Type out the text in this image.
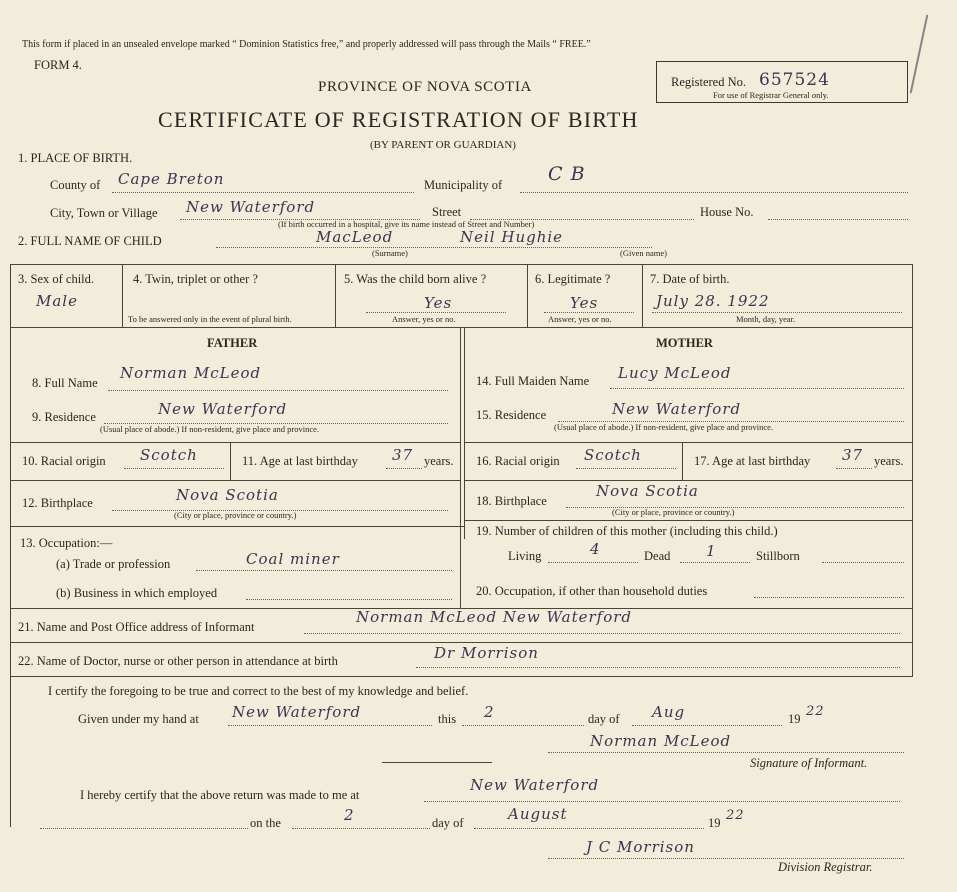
This form if placed in an unsealed envelope marked “ Dominion Statistics free,” and properly addressed will pass through the Mails “ FREE.”
FORM 4.
PROVINCE OF NOVA SCOTIA
CERTIFICATE OF REGISTRATION OF BIRTH
(BY PARENT OR GUARDIAN)
Registered No. 657524
For use of Registrar General only.
1. PLACE OF BIRTH.
County of Cape Breton	Municipality of C B
City, Town or Village New Waterford	Street	House No.
(If birth occurred in a hospital, give its name instead of Street and Number)
2. FULL NAME OF CHILD	MacLeod	Neil Hughie
(Surname)	(Given name)
3. Sex of child.
Male
4. Twin, triplet or other ?
To be answered only in the event of plural birth.
5. Was the child born alive ?
Yes
Answer, yes or no.
6. Legitimate ?
Yes
Answer, yes or no.
7. Date of birth.
July 28. 1922
Month, day, year.
FATHER	MOTHER
8. Full Name
Norman McLeod
9. Residence	New Waterford
(Usual place of abode.) If non-resident, give place and province.
10. Racial origin Scotch	11. Age at last birthday 37 years.
12. Birthplace	Nova Scotia
(City or place, province or country.)
14. Full Maiden Name Lucy McLeod
15. Residence	New Waterford
(Usual place of abode.) If non-resident, give place and province.
16. Racial origin Scotch	17. Age at last birthday 37 years.
18. Birthplace
Nova Scotia
(City or place, province or country.)
19. Number of children of this mother (including this child.)
Living	4	Dead 1	Stillborn
20. Occupation, if other than household duties
13. Occupation:—
(a) Trade or profession	Coal miner
(b) Business in which employed
21. Name and Post Office address of Informant
Norman McLeod New Waterford
22. Name of Doctor, nurse or other person in attendance at birth	Dr Morrison
I certify the foregoing to be true and correct to the best of my knowledge and belief.
Given under my hand at New Waterford	this 2	day of Aug	19 22
Norman McLeod
Signature of Informant.
I hereby certify that the above return was made to me at
New Waterford
on the	2	day of	August	19 22
J C Morrison
Division Registrar.
